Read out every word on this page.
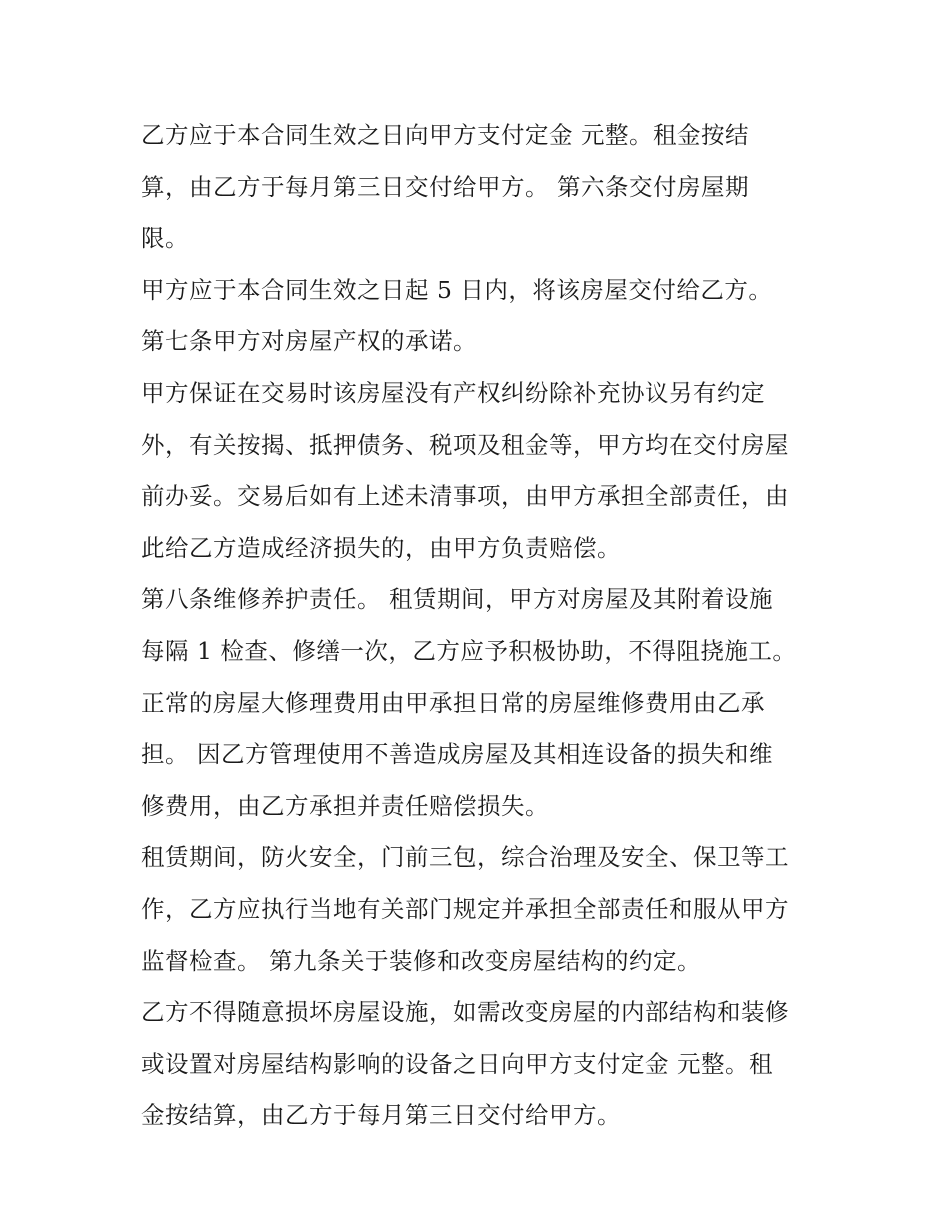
乙方应于本合同生效之日向甲方支付定金 元整。租金按结
算，由乙方于每月第三日交付给甲方。 第六条交付房屋期
限。
甲方应于本合同生效之日起 5 日内，将该房屋交付给乙方。
第七条甲方对房屋产权的承诺。
甲方保证在交易时该房屋没有产权纠纷除补充协议另有约定
外，有关按揭、抵押债务、税项及租金等，甲方均在交付房屋
前办妥。交易后如有上述未清事项，由甲方承担全部责任，由
此给乙方造成经济损失的，由甲方负责赔偿。
第八条维修养护责任。 租赁期间，甲方对房屋及其附着设施
每隔 1 检查、修缮一次，乙方应予积极协助，不得阻挠施工。
正常的房屋大修理费用由甲承担日常的房屋维修费用由乙承
担。 因乙方管理使用不善造成房屋及其相连设备的损失和维
修费用，由乙方承担并责任赔偿损失。
租赁期间，防火安全，门前三包，综合治理及安全、保卫等工
作，乙方应执行当地有关部门规定并承担全部责任和服从甲方
监督检查。 第九条关于装修和改变房屋结构的约定。
乙方不得随意损坏房屋设施，如需改变房屋的内部结构和装修
或设置对房屋结构影响的设备之日向甲方支付定金 元整。租
金按结算，由乙方于每月第三日交付给甲方。
